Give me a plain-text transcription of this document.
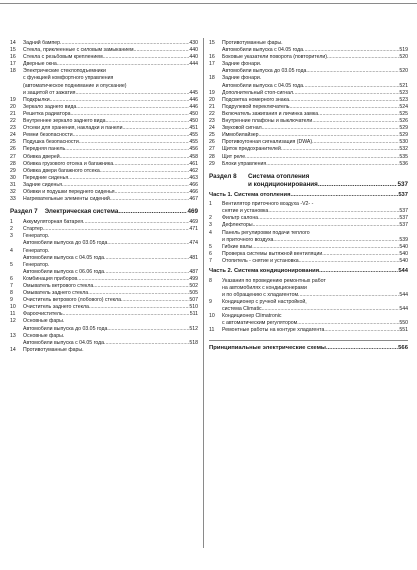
14	Задний бампер .....	430
15	Стекла, приклеенные с силовым замыканием .....	440
16	Стекла с резьбовым креплением .....	440
17	Дверные окна .....	444
18	Электрические стеклоподъемники
с функцией комфортного управления
(автоматическое поднимание и опускание)
и защитой от зажатия .....	445
19	Подкрылки .....	446
20	Зеркало заднего вида .....	446
21	Решетка радиатора .....	450
22	Внутреннее зеркало заднего вида .....	450
23	Отсеки для хранения, накладки и панели .....	451
24	Ремни безопасности .....	455
25	Подушка безопасности .....	455
26	Передняя панель .....	456
27	Обивка дверей .....	458
28	Обивка грузового отсека и багажника .....	461
29	Обивка двери багажного отсека .....	462
30	Передние сиденья .....	463
31	Задние сиденья .....	466
32	Обивки и подушки переднего сиденья .....	466
33	Нагревательные элементы сидений .....	467
Раздел 7 Электрическая система .....	469
1	Аккумуляторная батарея .....	469
2	Стартер .....	471
3	Генератор.
Автомобили выпуска до 03.05 года .....	474
4	Генератор.
Автомобили выпуска с 04.05 года .....	481
5	Генератор.
Автомобили выпуска с 06.06 года .....	487
6	Комбинация приборов .....	499
7	Омыватель ветрового стекла .....	502
8	Омыватель заднего стекла .....	505
9	Очиститель ветрового (лобового) стекла .....	507
10	Очиститель заднего стекла .....	510
11	Фароочиститель .....	511
12	Основные фары.
Автомобили выпуска до 03.05 года .....	512
13	Основные фары.
Автомобили выпуска с 04.05 года .....	518
14	Противотуманные фары.
15	Противотуманные фары.
Автомобили выпуска с 04.05 года .....	519
16	Боковые указатели поворота (повторители) .....	520
17	Задние фонари.
Автомобили выпуска до 03.05 года .....	520
18	Задние фонари.
Автомобили выпуска с 04.05 года .....	521
19	Дополнительный стоп-сигнал .....	523
20	Подсветка номерного знака .....	523
21	Подрулевой переключатель .....	524
22	Включатель зажигания и личинка замка .....	525
23	Внутренние плафоны и выключатели .....	526
24	Звуковой сигнал .....	529
25	Иммобилайзер .....	529
26	Противоугонная сигнализация (DWA) .....	530
27	Щиток предохранителей .....	532
28	Щит реле .....	535
29	Блоки управления .....	536
Раздел 8	Система отопления
и кондиционирования .....	537
Часть 1. Система отопления .....	537
1	Вентилятор приточного воздуха -V2- -
снятие и установка .....	537
2	Фильтр салона .....	537
3	Дефлекторы .....	537
4	Панель регулировки подачи теплого
и приточного воздуха .....	539
5	Гибкие валы .....	540
6	Проверка системы вытяжной вентиляции .....	540
7	Отопитель - снятие и установка .....	540
Часть 2. Система кондиционирования .....	544
8	Указания по проведению ремонтных работ
на автомобилях с кондиционерами
и по обращению с хладагентом .....	544
9	Кондиционер с ручной настройкой,
система Climatic .....	544
10	Кондиционер Climatronic
с автоматическим регулятором .....	550
11	Ремонтные работы на контуре хладагента .....	551
Принципиальные электрические схемы .....	566
